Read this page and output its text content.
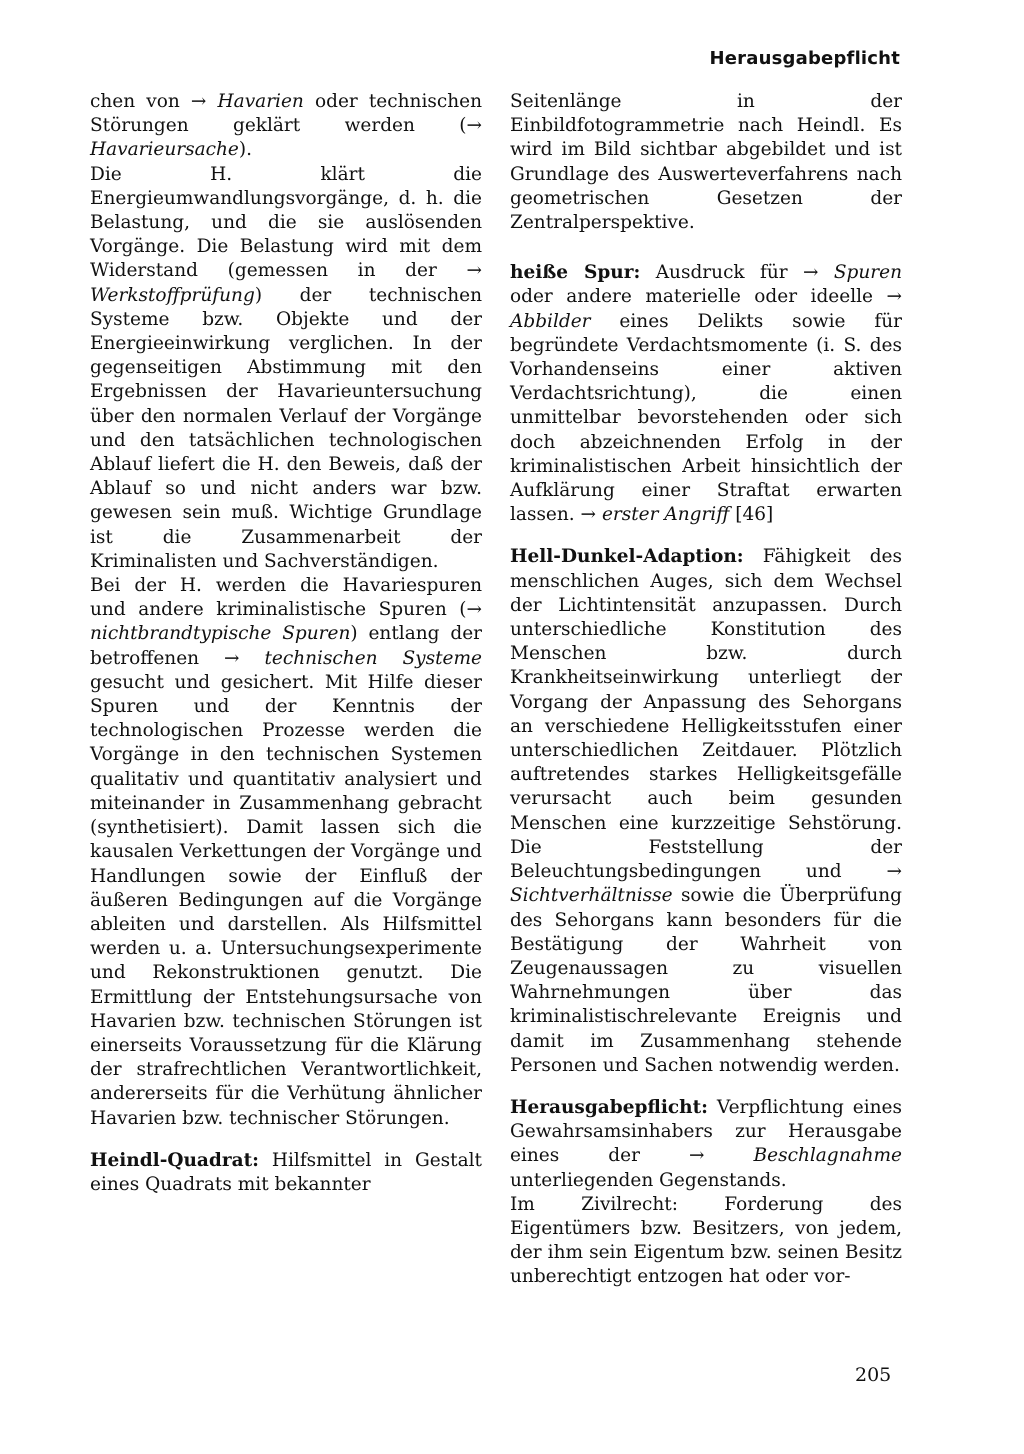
Herausgabepflicht

chen von → Havarien oder technischen Störungen geklärt werden (→ Havarieursache).

Die H. klärt die Energieumwandlungsvorgänge, d. h. die Belastung, und die sie auslösenden Vorgänge. Die Belastung wird mit dem Widerstand (gemessen in der → Werkstoffprüfung) der technischen Systeme bzw. Objekte und der Energieeinwirkung verglichen. In der gegenseitigen Abstimmung mit den Ergebnissen der Havarieuntersuchung über den normalen Verlauf der Vorgänge und den tatsächlichen technologischen Ablauf liefert die H. den Beweis, daß der Ablauf so und nicht anders war bzw. gewesen sein muß. Wichtige Grundlage ist die Zusammenarbeit der Kriminalisten und Sachverständigen.

Bei der H. werden die Havariespuren und andere kriminalistische Spuren (→ nichtbrandtypische Spuren) entlang der betroffenen → technischen Systeme gesucht und gesichert. Mit Hilfe dieser Spuren und der Kenntnis der technologischen Prozesse werden die Vorgänge in den technischen Systemen qualitativ und quantitativ analysiert und miteinander in Zusammenhang gebracht (synthetisiert). Damit lassen sich die kausalen Verkettungen der Vorgänge und Handlungen sowie der Einfluß der äußeren Bedingungen auf die Vorgänge ableiten und darstellen. Als Hilfsmittel werden u. a. Untersuchungsexperimente und Rekonstruktionen genutzt. Die Ermittlung der Entstehungsursache von Havarien bzw. technischen Störungen ist einerseits Voraussetzung für die Klärung der strafrechtlichen Verantwortlichkeit, andererseits für die Verhütung ähnlicher Havarien bzw. technischer Störungen.

Heindl-Quadrat: Hilfsmittel in Gestalt eines Quadrats mit bekannter

Seitenlänge in der Einbildfotogrammetrie nach Heindl. Es wird im Bild sichtbar abgebildet und ist Grundlage des Auswerteverfahrens nach geometrischen Gesetzen der Zentralperspektive.

heiße Spur: Ausdruck für → Spuren oder andere materielle oder ideelle → Abbilder eines Delikts sowie für begründete Verdachtsmomente (i. S. des Vorhandenseins einer aktiven Verdachtsrichtung), die einen unmittelbar bevorstehenden oder sich doch abzeichnenden Erfolg in der kriminalistischen Arbeit hinsichtlich der Aufklärung einer Straftat erwarten lassen. → erster Angriff [46]

Hell-Dunkel-Adaption: Fähigkeit des menschlichen Auges, sich dem Wechsel der Lichtintensität anzupassen. Durch unterschiedliche Konstitution des Menschen bzw. durch Krankheitseinwirkung unterliegt der Vorgang der Anpassung des Sehorgans an verschiedene Helligkeitsstufen einer unterschiedlichen Zeitdauer. Plötzlich auftretendes starkes Helligkeitsgefälle verursacht auch beim gesunden Menschen eine kurzzeitige Sehstörung. Die Feststellung der Beleuchtungsbedingungen und → Sichtverhältnisse sowie die Überprüfung des Sehorgans kann besonders für die Bestätigung der Wahrheit von Zeugenaussagen zu visuellen Wahrnehmungen über das kriminalistischrelevante Ereignis und damit im Zusammenhang stehende Personen und Sachen notwendig werden.

Herausgabepflicht: Verpflichtung eines Gewahrsamsinhabers zur Herausgabe eines der → Beschlagnahme unterliegenden Gegenstands.

Im Zivilrecht: Forderung des Eigentümers bzw. Besitzers, von jedem, der ihm sein Eigentum bzw. seinen Besitz unberechtigt entzogen hat oder vor-

205
